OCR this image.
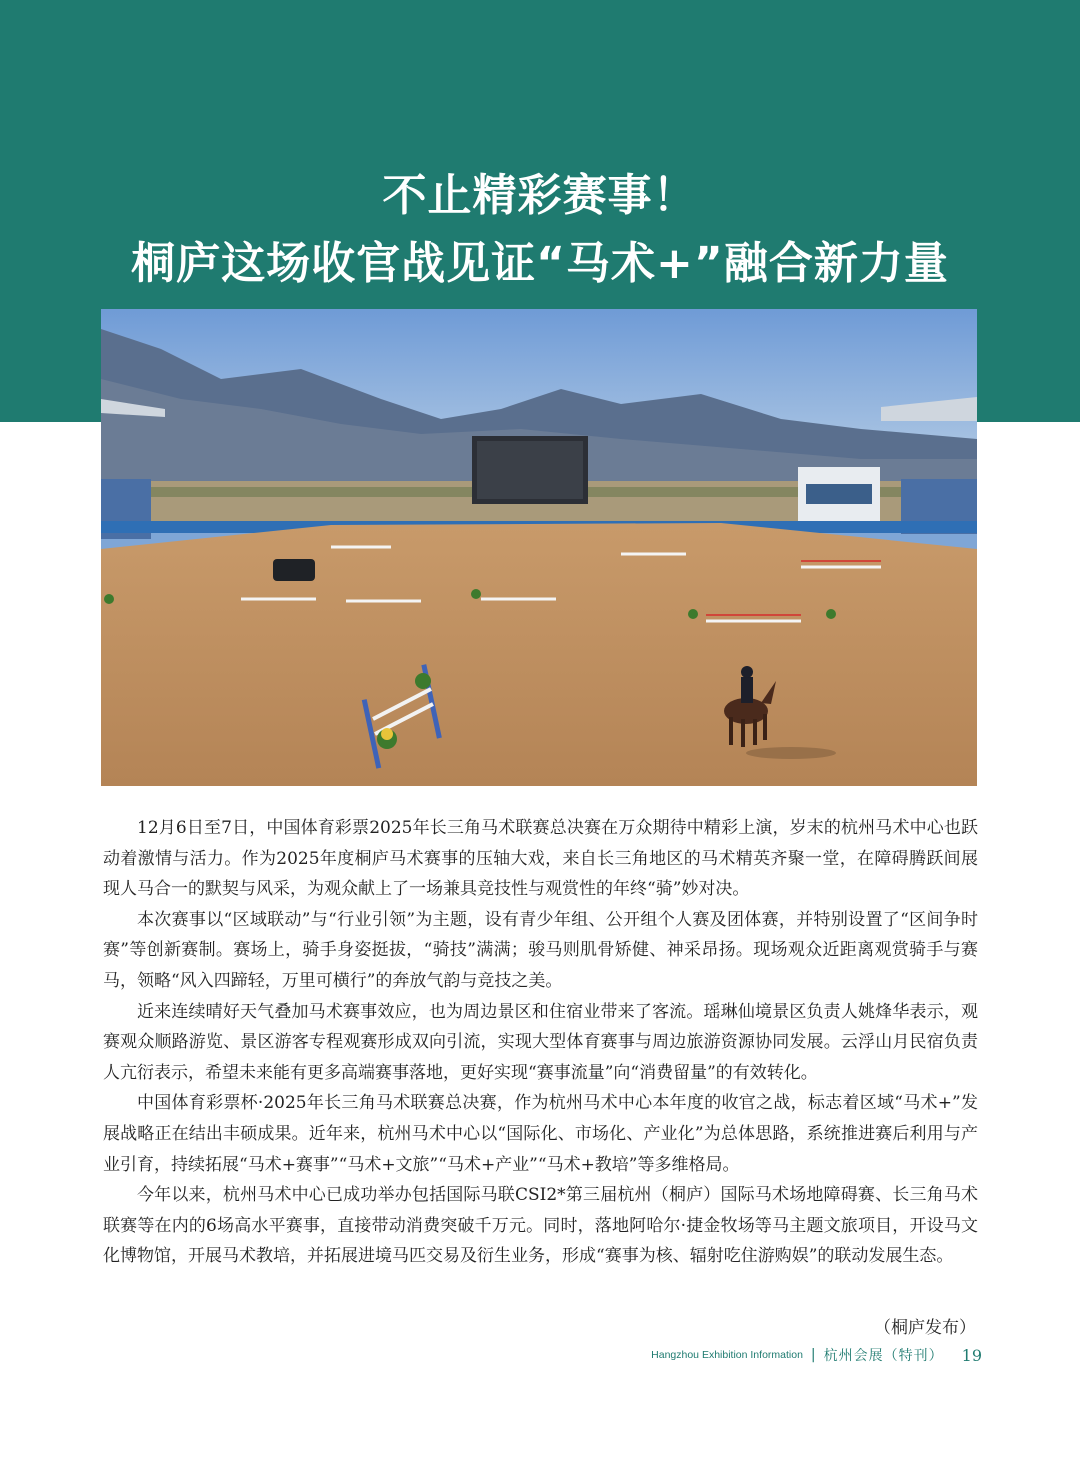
不止精彩赛事！
桐庐这场收官战见证“马术+”融合新力量

12月6日至7日，中国体育彩票2025年长三角马术联赛总决赛在万众期待中精彩上演，岁末的杭州马术中心也跃动着激情与活力。作为2025年度桐庐马术赛事的压轴大戏，来自长三角地区的马术精英齐聚一堂，在障碍腾跃间展现人马合一的默契与风采，为观众献上了一场兼具竞技性与观赏性的年终“骑”妙对决。

本次赛事以“区域联动”与“行业引领”为主题，设有青少年组、公开组个人赛及团体赛，并特别设置了“区间争时赛”等创新赛制。赛场上，骑手身姿挺拔，“骑技”满满；骏马则肌骨矫健、神采昂扬。现场观众近距离观赏骑手与赛马，领略“风入四蹄轻，万里可横行”的奔放气韵与竞技之美。

近来连续晴好天气叠加马术赛事效应，也为周边景区和住宿业带来了客流。瑶琳仙境景区负责人姚烽华表示，观赛观众顺路游览、景区游客专程观赛形成双向引流，实现大型体育赛事与周边旅游资源协同发展。云浮山月民宿负责人亢衍表示，希望未来能有更多高端赛事落地，更好实现“赛事流量”向“消费留量”的有效转化。

中国体育彩票杯·2025年长三角马术联赛总决赛，作为杭州马术中心本年度的收官之战，标志着区域“马术+”发展战略正在结出丰硕成果。近年来，杭州马术中心以“国际化、市场化、产业化”为总体思路，系统推进赛后利用与产业引育，持续拓展“马术+赛事”“马术+文旅”“马术+产业”“马术+教培”等多维格局。

今年以来，杭州马术中心已成功举办包括国际马联CSI2*第三届杭州（桐庐）国际马术场地障碍赛、长三角马术联赛等在内的6场高水平赛事，直接带动消费突破千万元。同时，落地阿哈尔·捷金牧场等马主题文旅项目，开设马文化博物馆，开展马术教培，并拓展进境马匹交易及衍生业务，形成“赛事为核、辐射吃住游购娱”的联动发展生态。

（桐庐发布）
Hangzhou Exhibition Information | 杭州会展（特刊） 19
